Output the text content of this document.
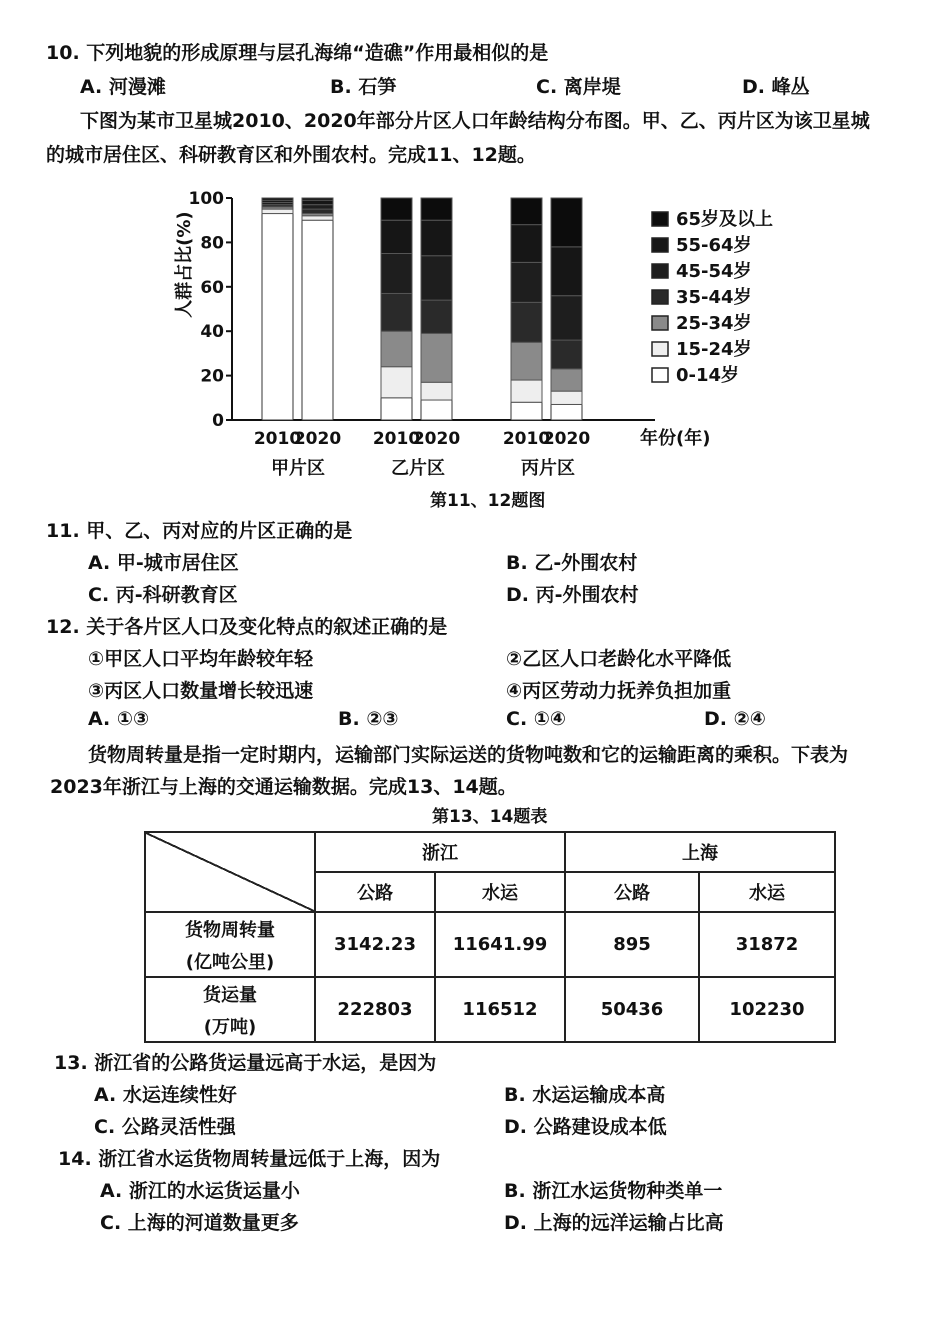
10. 下列地貌的形成原理与层孔海绵“造礁”作用最相似的是
A. 河漫滩	B. 石笋	C. 离岸堤	D. 峰丛
下图为某市卫星城2010、2020年部分片区人口年龄结构分布图。甲、乙、丙片区为该卫星城
的城市居住区、科研教育区和外围农村。完成11、12题。
0
20
40
60
80
100
人群占比(%)
年份(年)
2010
2020 2010
2020	2010
2020
甲片区	乙片区	丙片区
65岁及以上
55-64岁
45-54岁
35-44岁
25-34岁
15-24岁
0-14岁
第11、12题图
11. 甲、乙、丙对应的片区正确的是
A. 甲-城市居住区	B. 乙-外围农村
C. 丙-科研教育区	D. 丙-外围农村
12. 关于各片区人口及变化特点的叙述正确的是
①甲区人口平均年龄较年轻	②乙区人口老龄化水平降低
③丙区人口数量增长较迅速	④丙区劳动力抚养负担加重
A. ①③	B. ②③	C. ①④	D. ②④
货物周转量是指一定时期内，运输部门实际运送的货物吨数和它的运输距离的乘积。下表为
2023年浙江与上海的交通运输数据。完成13、14题。
第13、14题表
	浙江		上海	
	公路	水运	公路	水运

货物周转量
(亿吨公里)	3142.23	11641.99	895	31872

货运量
(万吨)	222803	116512	50436	102230
13. 浙江省的公路货运量远高于水运，是因为
A. 水运连续性好	B. 水运运输成本高
C. 公路灵活性强	D. 公路建设成本低
14. 浙江省水运货物周转量远低于上海，因为
A. 浙江的水运货运量小	B. 浙江水运货物种类单一
C. 上海的河道数量更多	D. 上海的远洋运输占比高
